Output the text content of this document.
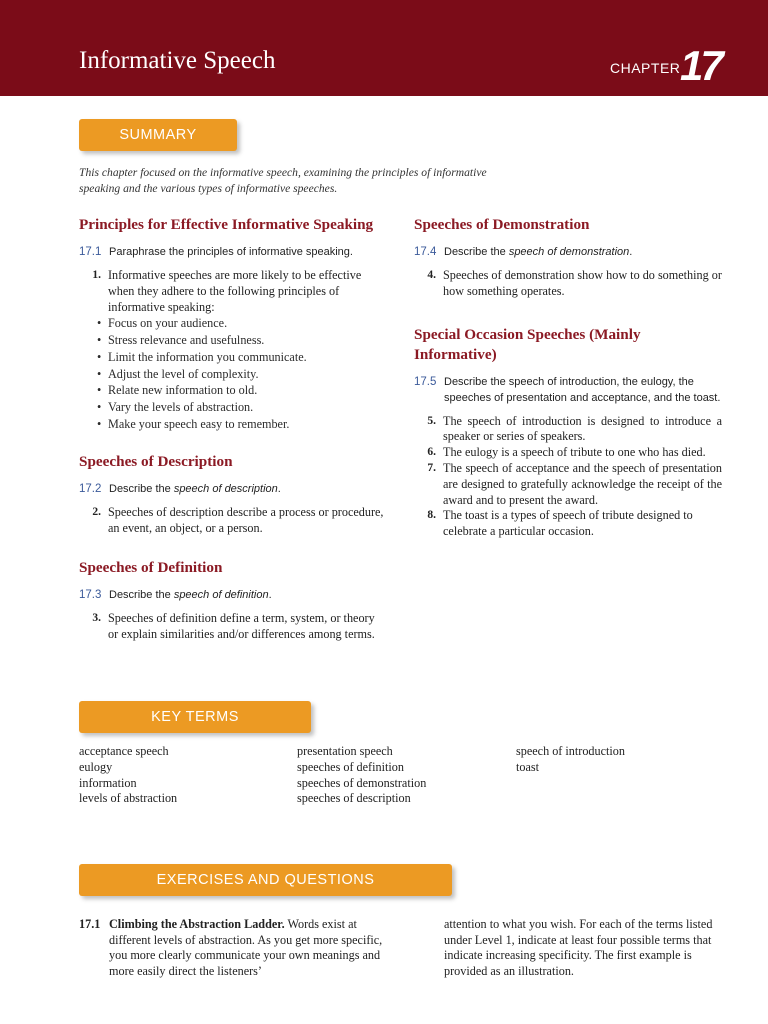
Informative Speech	CHAPTER 17
SUMMARY

This chapter focused on the informative speech, examining the principles of informative speaking and the various types of informative speeches.

Principles for Effective Informative Speaking
17.1 Paraphrase the principles of informative speaking.
1. Informative speeches are more likely to be effective when they adhere to the following principles of informative speaking:
• Focus on your audience.
• Stress relevance and usefulness.
• Limit the information you communicate.
• Adjust the level of complexity.
• Relate new information to old.
• Vary the levels of abstraction.
• Make your speech easy to remember.
Speeches of Description
17.2 Describe the speech of description.
2. Speeches of description describe a process or procedure, an event, an object, or a person.
Speeches of Definition
17.3 Describe the speech of definition.
3. Speeches of definition define a term, system, or theory or explain similarities and/or differences among terms.
Speeches of Demonstration
17.4 Describe the speech of demonstration.
4. Speeches of demonstration show how to do something or how something operates.
Special Occasion Speeches (Mainly Informative)
17.5 Describe the speech of introduction, the eulogy, the speeches of presentation and acceptance, and the toast.
5. The speech of introduction is designed to introduce a speaker or series of speakers.
6. The eulogy is a speech of tribute to one who has died.
7. The speech of acceptance and the speech of presentation are designed to gratefully acknowledge the receipt of the award and to present the award.
8. The toast is a types of speech of tribute designed to celebrate a particular occasion.
KEY TERMS
acceptance speech
eulogy
information
levels of abstraction
presentation speech
speeches of definition
speeches of demonstration
speeches of description
speech of introduction
toast
EXERCISES AND QUESTIONS
17.1 Climbing the Abstraction Ladder. Words exist at different levels of abstraction. As you get more specific, you more clearly communicate your own meanings and more easily direct the listeners’
attention to what you wish. For each of the terms listed under Level 1, indicate at least four possible terms that indicate increasing specificity. The first example is provided as an illustration.
